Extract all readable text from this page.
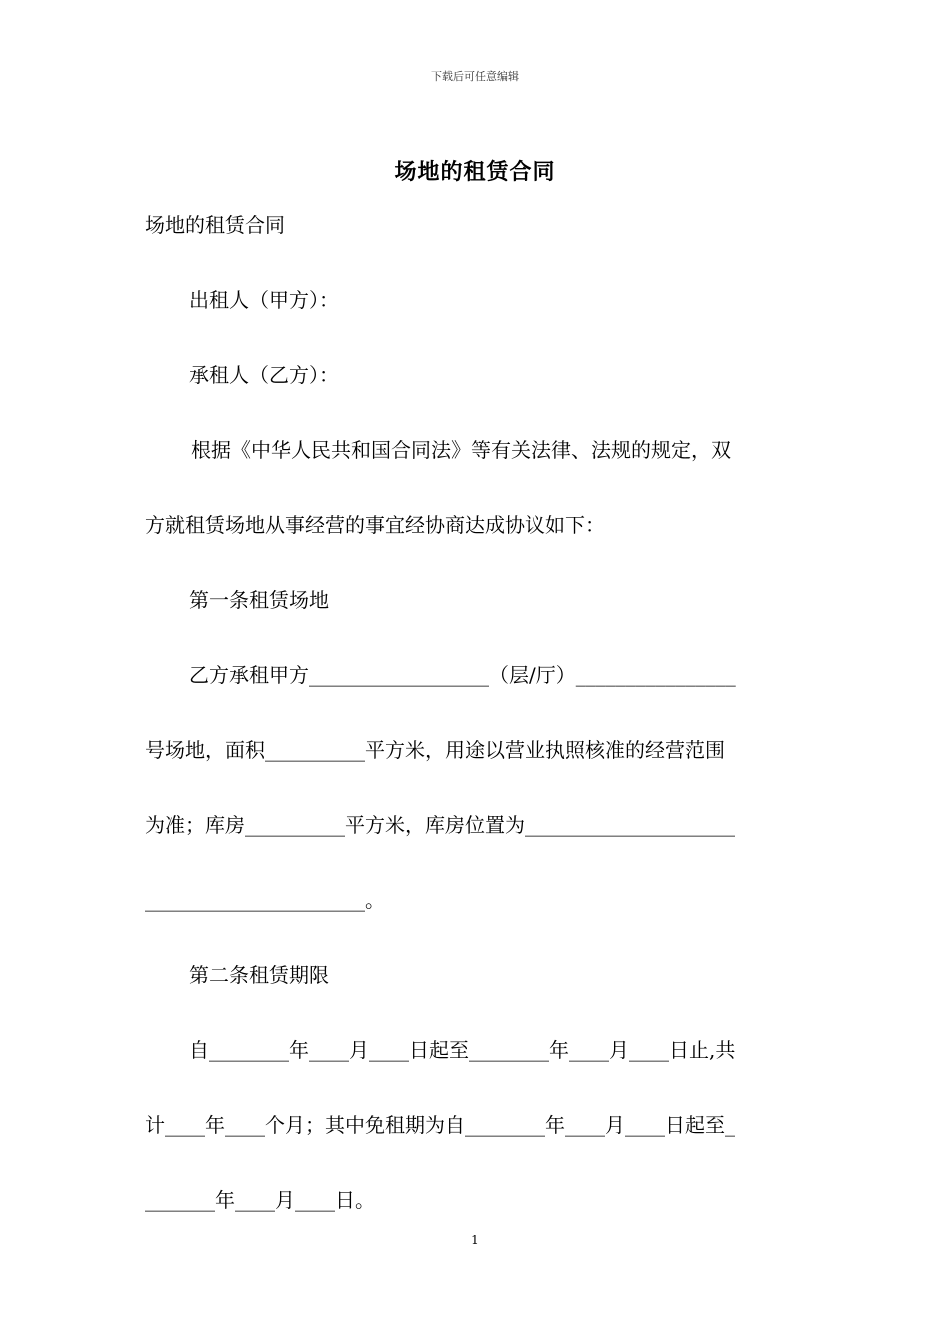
下载后可任意编辑
场地的租赁合同
场地的租赁合同
出租人（甲方）：
承租人（乙方）：
根据《中华人民共和国合同法》等有关法律、法规的规定，双
方就租赁场地从事经营的事宜经协商达成协议如下：
第一条租赁场地
乙方承租甲方__________________（层/厅）________________
号场地，面积__________平方米，用途以营业执照核准的经营范围
为准；库房__________平方米，库房位置为_____________________
______________________。
第二条租赁期限
自________年____月____日起至________年____月____日止,共
计____年____个月；其中免租期为自________年____月____日起至_
_______年____月____日。
1
